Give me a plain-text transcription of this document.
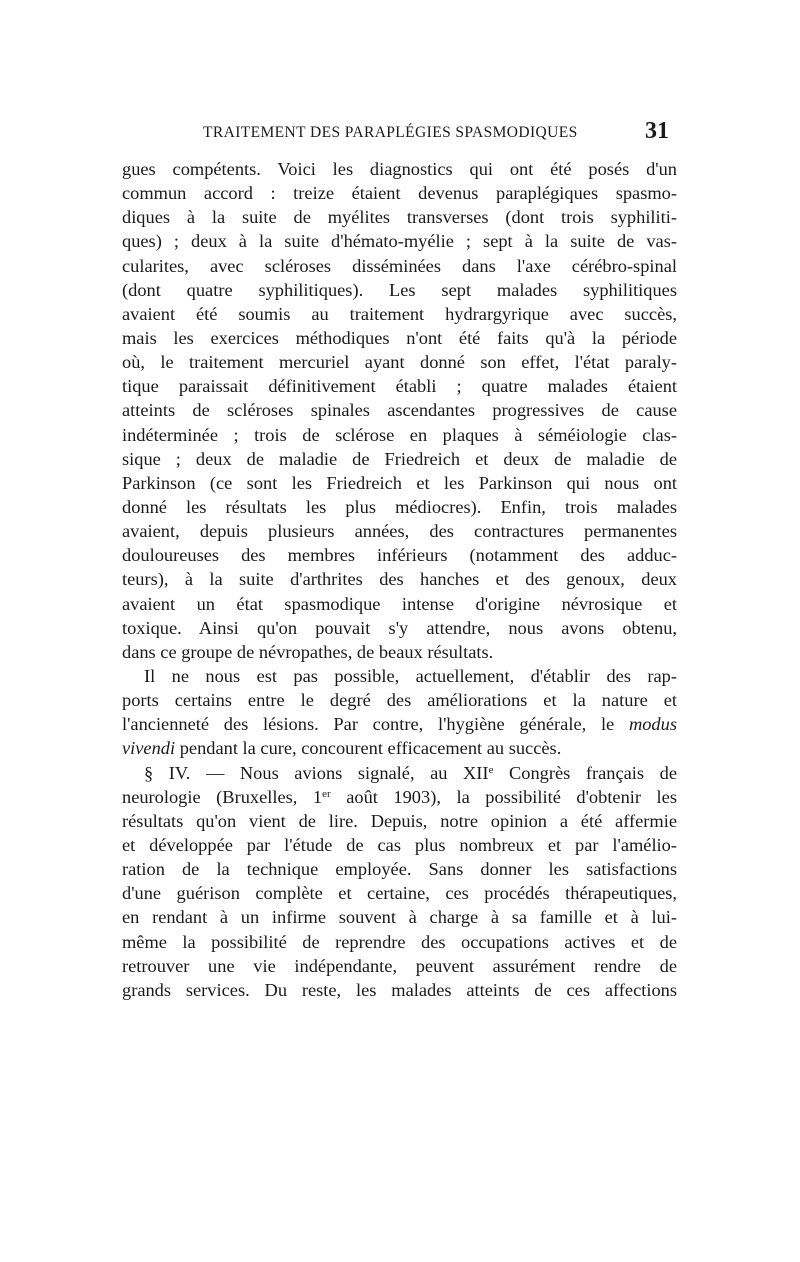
TRAITEMENT DES PARAPLÉGIES SPASMODIQUES	31
gues compétents. Voici les diagnostics qui ont été posés d'un
commun accord : treize étaient devenus paraplégiques spasmo-
diques à la suite de myélites transverses (dont trois syphiliti-
ques) ; deux à la suite d'hémato-myélie ; sept à la suite de vas-
cularites, avec scléroses disséminées dans l'axe cérébro-spinal
(dont quatre syphilitiques). Les sept malades syphilitiques
avaient été soumis au traitement hydrargyrique avec succès,
mais les exercices méthodiques n'ont été faits qu'à la période
où, le traitement mercuriel ayant donné son effet, l'état paraly-
tique paraissait définitivement établi ; quatre malades étaient
atteints de scléroses spinales ascendantes progressives de cause
indéterminée ; trois de sclérose en plaques à séméiologie clas-
sique ; deux de maladie de Friedreich et deux de maladie de
Parkinson (ce sont les Friedreich et les Parkinson qui nous ont
donné les résultats les plus médiocres). Enfin, trois malades
avaient, depuis plusieurs années, des contractures permanentes
douloureuses des membres inférieurs (notamment des adduc-
teurs), à la suite d'arthrites des hanches et des genoux, deux
avaient un état spasmodique intense d'origine névrosique et
toxique. Ainsi qu'on pouvait s'y attendre, nous avons obtenu,
dans ce groupe de névropathes, de beaux résultats.
Il ne nous est pas possible, actuellement, d'établir des rap-
ports certains entre le degré des améliorations et la nature et
l'ancienneté des lésions. Par contre, l'hygiène générale, le modus
vivendi pendant la cure, concourent efficacement au succès.
§ IV. — Nous avions signalé, au XIIe Congrès français de
neurologie (Bruxelles, 1er août 1903), la possibilité d'obtenir les
résultats qu'on vient de lire. Depuis, notre opinion a été affermie
et développée par l'étude de cas plus nombreux et par l'amélio-
ration de la technique employée. Sans donner les satisfactions
d'une guérison complète et certaine, ces procédés thérapeutiques,
en rendant à un infirme souvent à charge à sa famille et à lui-
même la possibilité de reprendre des occupations actives et de
retrouver une vie indépendante, peuvent assurément rendre de
grands services. Du reste, les malades atteints de ces affections
